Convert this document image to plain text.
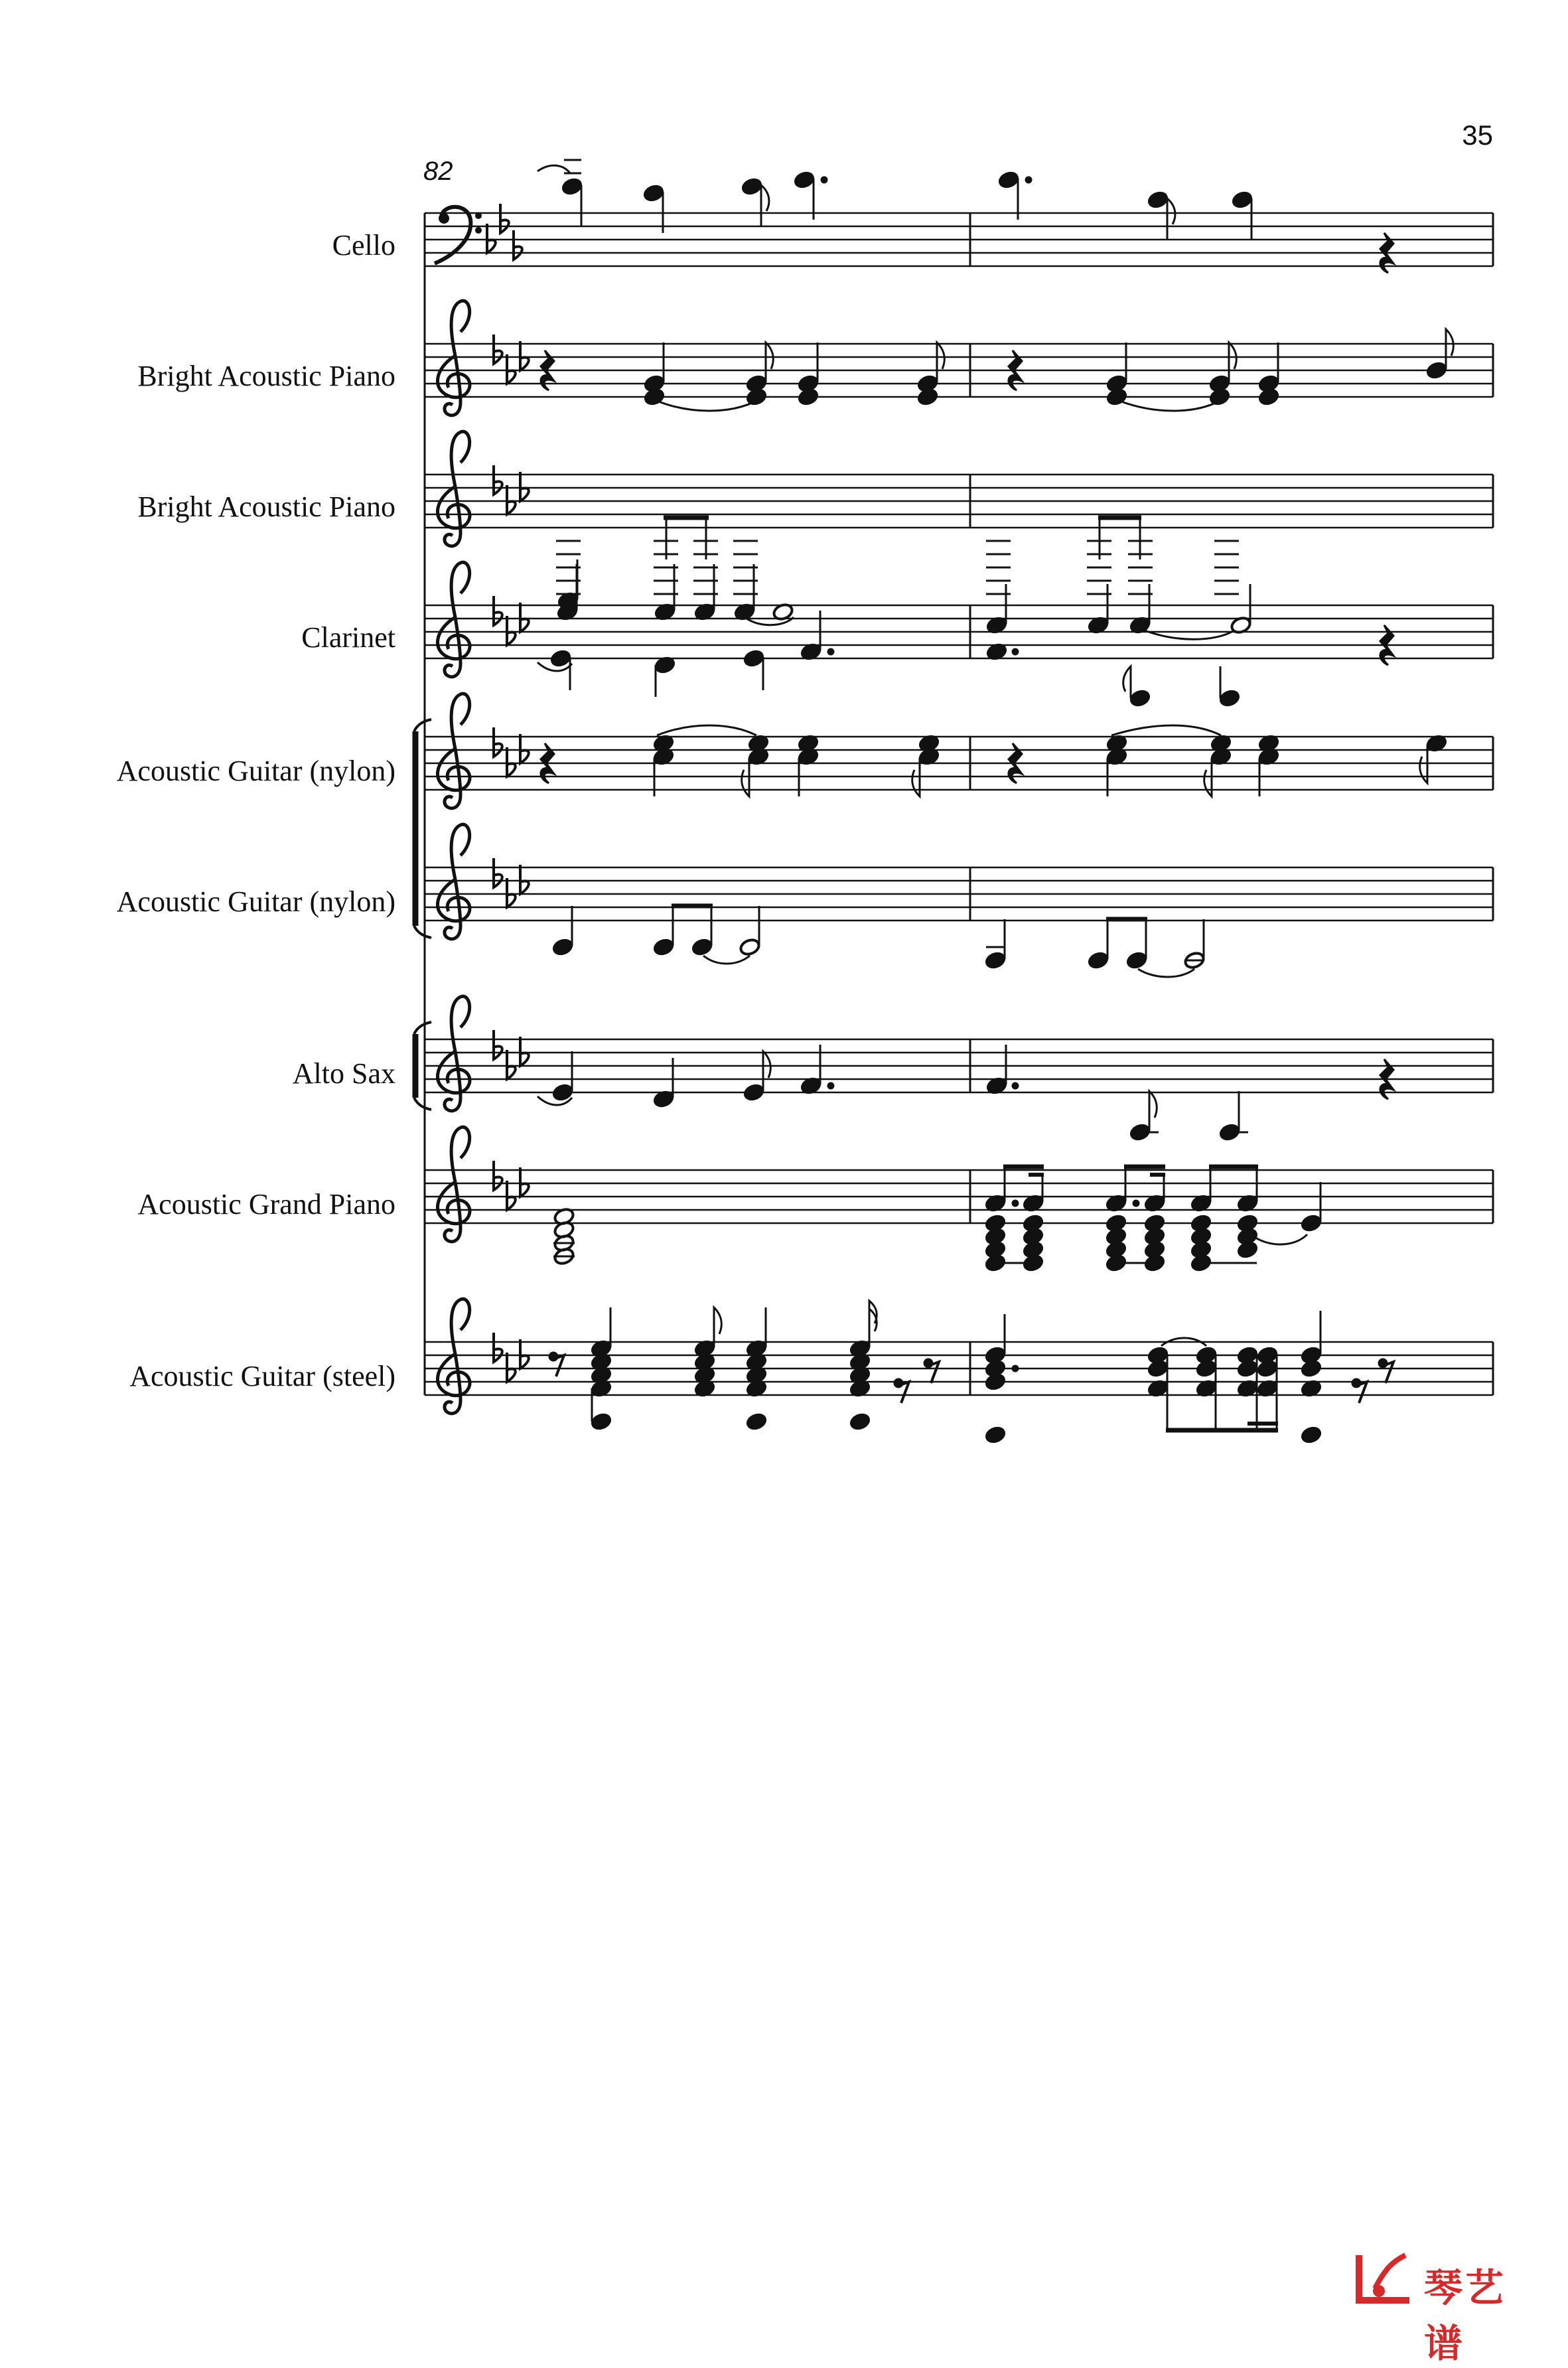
35
82
Cello
Bright Acoustic Piano
Bright Acoustic Piano
Clarinet
Acoustic Guitar (nylon)
Acoustic Guitar (nylon)
Alto Sax
Acoustic Grand Piano
Acoustic Guitar (steel)
琴艺谱
